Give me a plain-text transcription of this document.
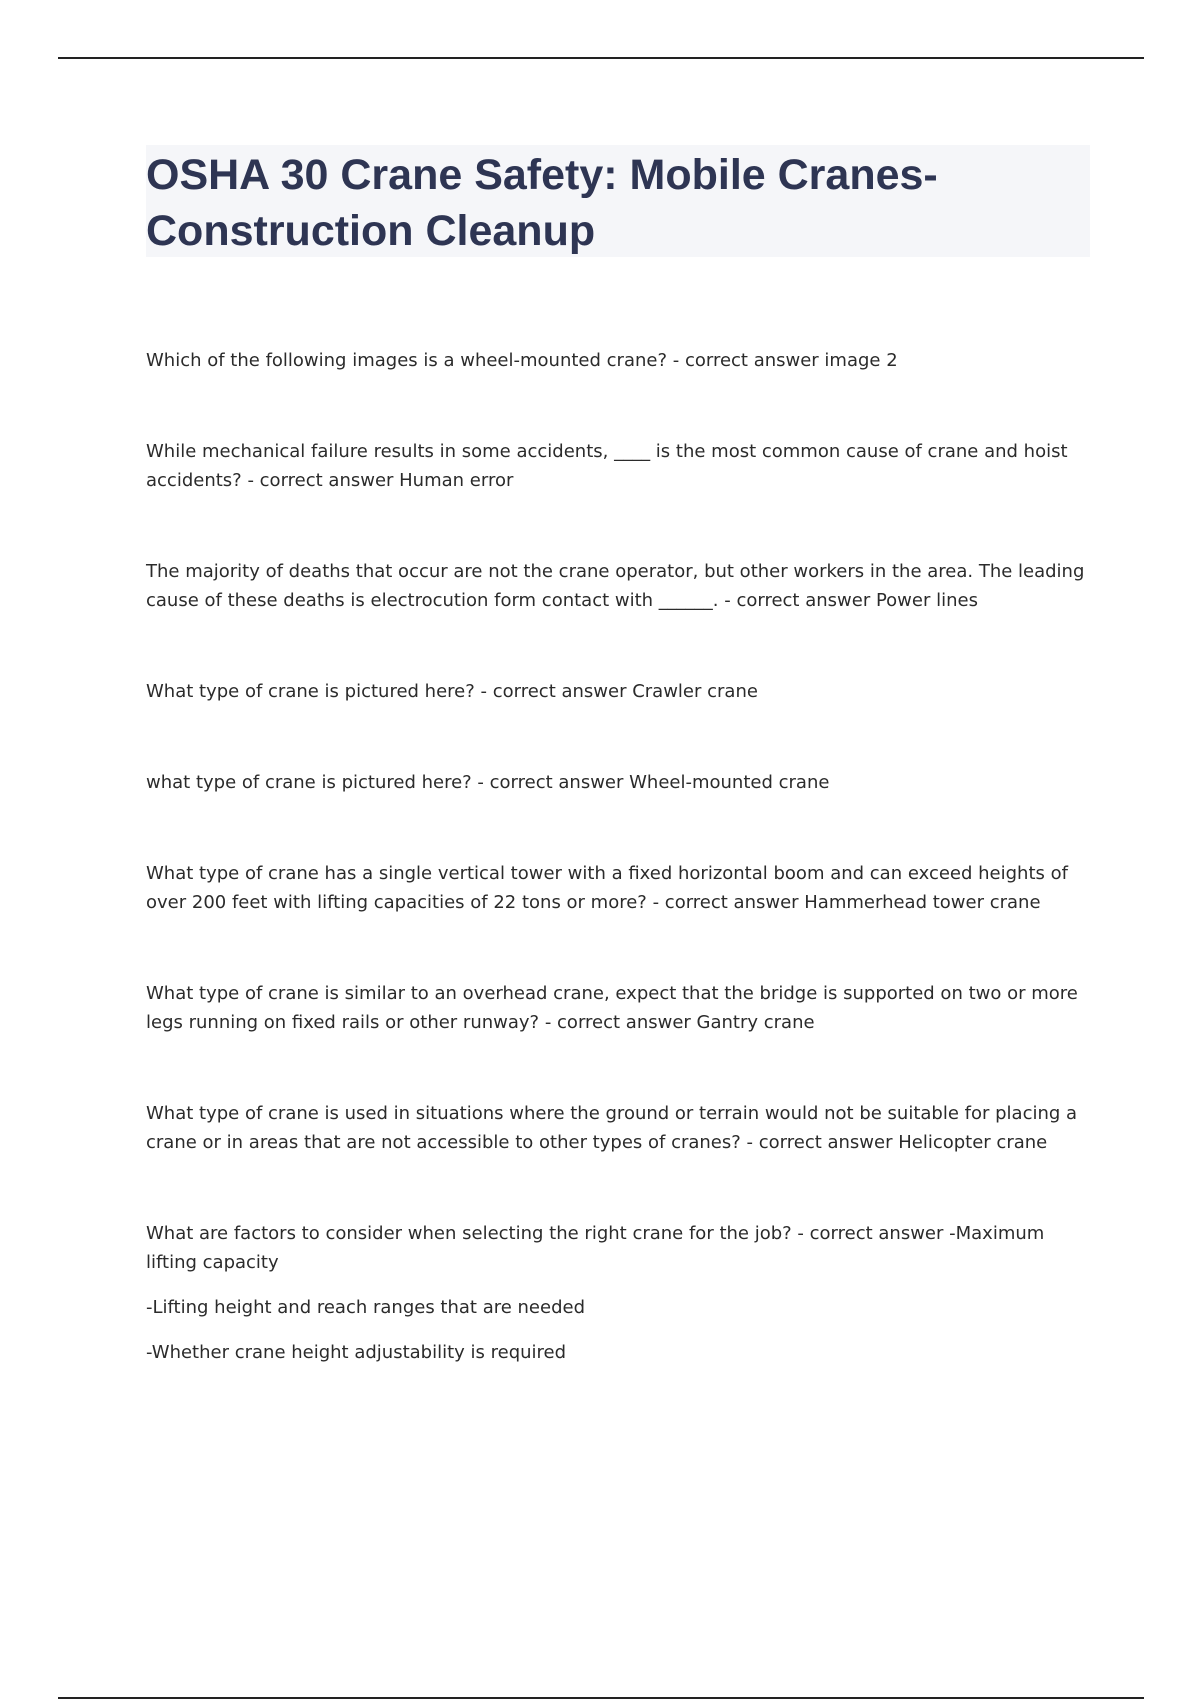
OSHA 30 Crane Safety: Mobile Cranes- Construction Cleanup

Which of the following images is a wheel-mounted crane? - correct answer image 2

While mechanical failure results in some accidents, ____ is the most common cause of crane and hoist accidents? - correct answer Human error

The majority of deaths that occur are not the crane operator, but other workers in the area. The leading cause of these deaths is electrocution form contact with ______. - correct answer Power lines

What type of crane is pictured here? - correct answer Crawler crane

what type of crane is pictured here? - correct answer Wheel-mounted crane

What type of crane has a single vertical tower with a fixed horizontal boom and can exceed heights of over 200 feet with lifting capacities of 22 tons or more? - correct answer Hammerhead tower crane

What type of crane is similar to an overhead crane, expect that the bridge is supported on two or more legs running on fixed rails or other runway? - correct answer Gantry crane

What type of crane is used in situations where the ground or terrain would not be suitable for placing a crane or in areas that are not accessible to other types of cranes? - correct answer Helicopter crane

What are factors to consider when selecting the right crane for the job? - correct answer -Maximum lifting capacity

-Lifting height and reach ranges that are needed

-Whether crane height adjustability is required
